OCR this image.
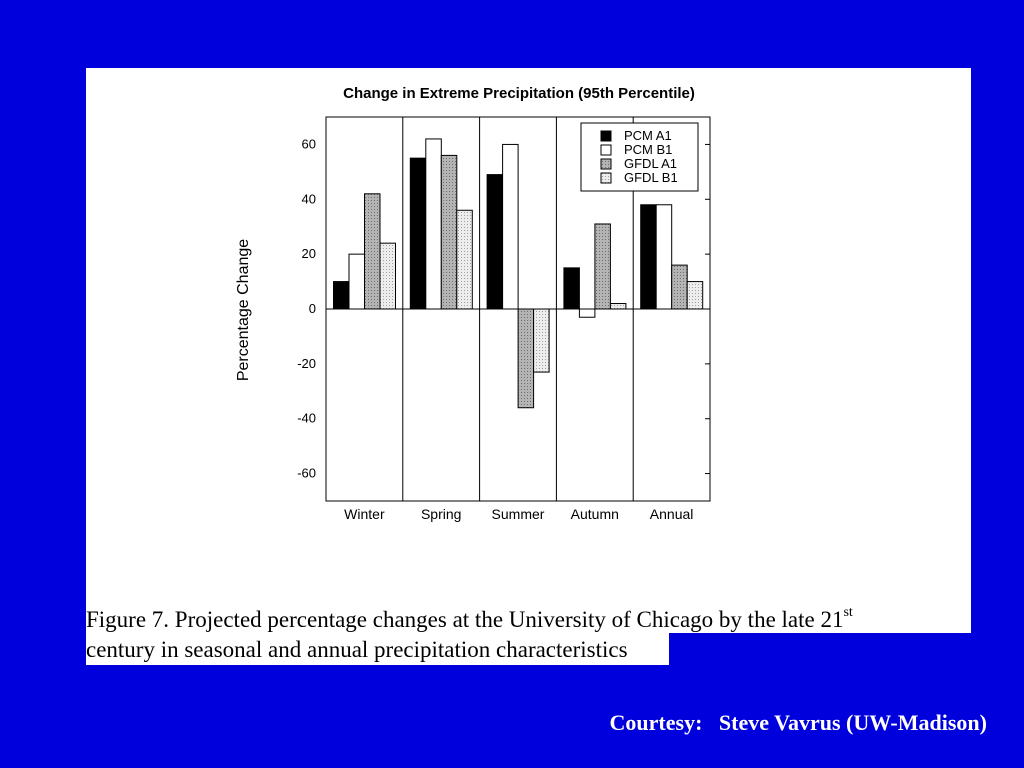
Change in Extreme Precipitation (95th Percentile)
Percentage Change
60
40
20
0
-20
-40
-60
Winter	Spring Summer Autumn Annual
PCM A1
PCM B1
GFDL A1
GFDL B1
Figure 7. Projected percentage changes at the University of Chicago by the late 21st
century in seasonal and annual precipitation characteristics
Courtesy:   Steve Vavrus (UW-Madison)
